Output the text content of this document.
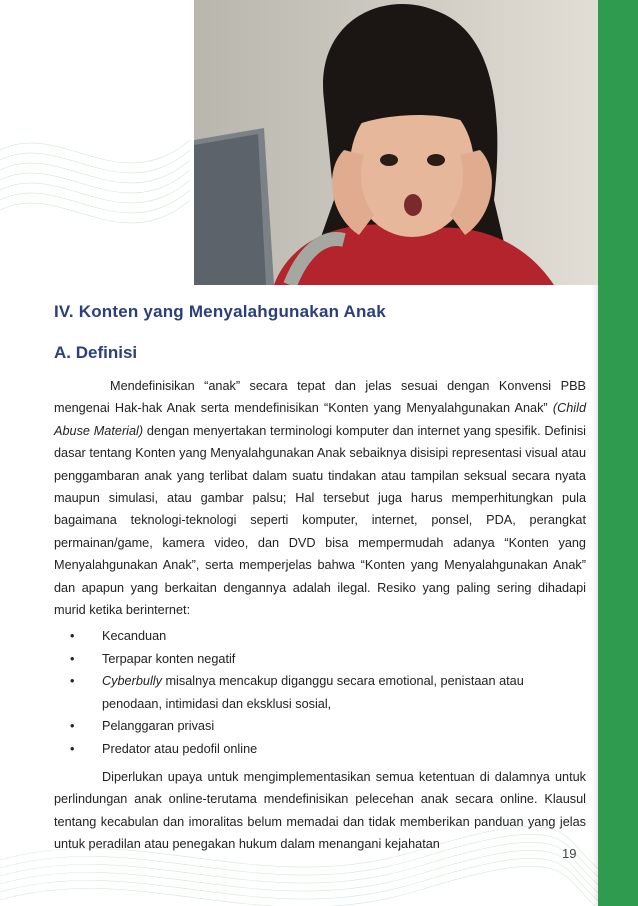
IV. Konten yang Menyalahgunakan Anak
A. Definisi

Mendefinisikan “anak” secara tepat dan jelas sesuai dengan Konvensi PBB mengenai Hak-hak Anak serta mendefinisikan “Konten yang Menyalahgunakan Anak” (Child Abuse Material) dengan menyertakan terminologi komputer dan internet yang spesifik. Definisi dasar tentang Konten yang Menyalahgunakan Anak sebaiknya disisipi representasi visual atau penggambaran anak yang terlibat dalam suatu tindakan atau tampilan seksual secara nyata maupun simulasi, atau gambar palsu; Hal tersebut juga harus memperhitungkan pula bagaimana teknologi-teknologi seperti komputer, internet, ponsel, PDA, perangkat permainan/game, kamera video, dan DVD bisa mempermudah adanya “Konten yang Menyalahgunakan Anak”, serta memperjelas bahwa “Konten yang Menyalahgunakan Anak” dan apapun yang berkaitan dengannya adalah ilegal. Resiko yang paling sering dihadapi murid ketika berinternet:

• Kecanduan
• Terpapar konten negatif
• Cyberbully misalnya mencakup diganggu secara emotional, penistaan atau penodaan, intimidasi dan eksklusi sosial,
• Pelanggaran privasi
• Predator atau pedofil online

Diperlukan upaya untuk mengimplementasikan semua ketentuan di dalamnya untuk perlindungan anak online-terutama mendefinisikan pelecehan anak secara online. Klausul tentang kecabulan dan imoralitas belum memadai dan tidak memberikan panduan yang jelas untuk peradilan atau penegakan hukum dalam menangani kejahatan

19
